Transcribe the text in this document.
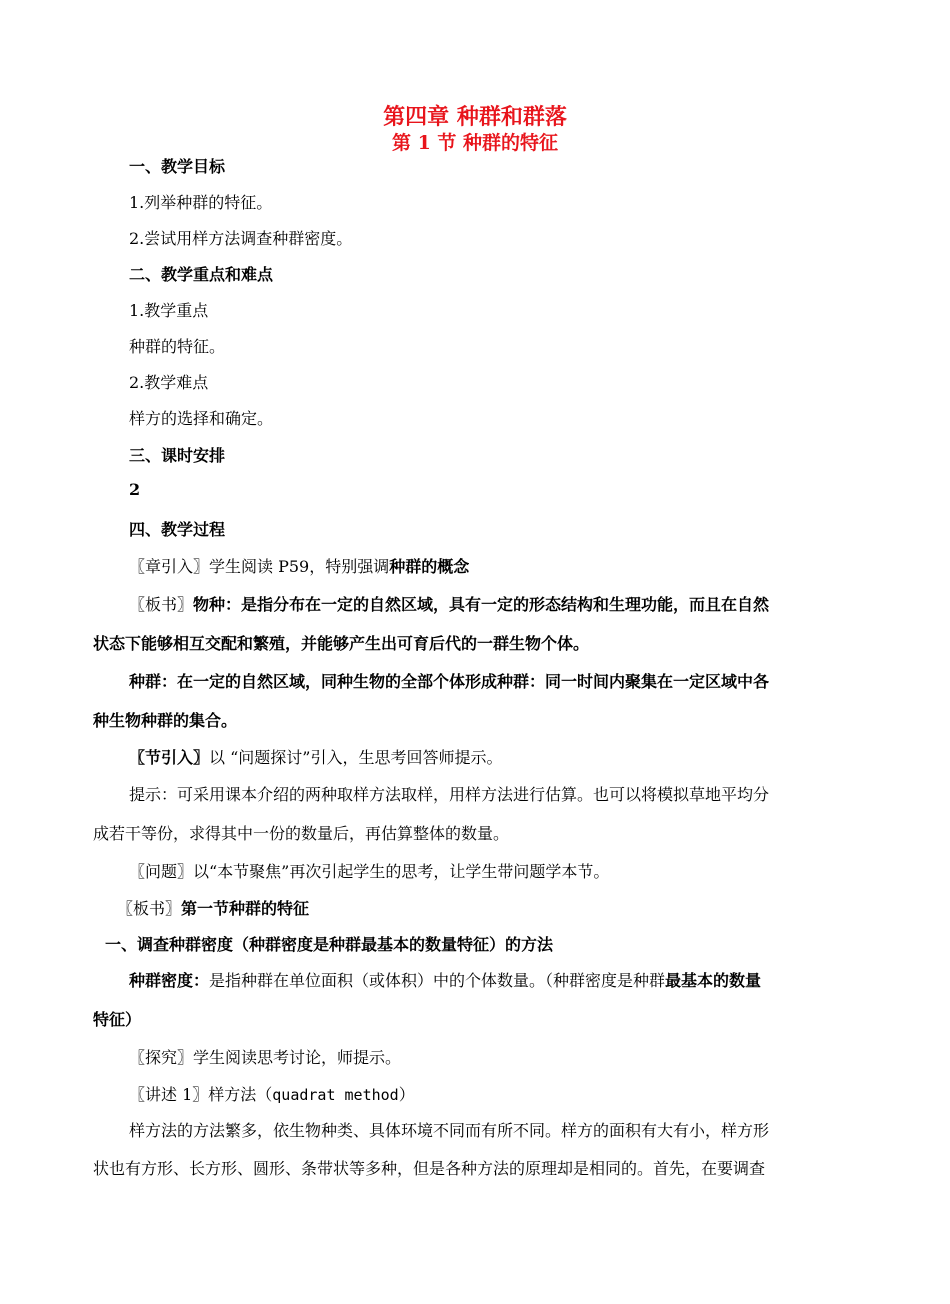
第四章 种群和群落
第 1 节 种群的特征
一、教学目标
1.列举种群的特征。
2.尝试用样方法调查种群密度。
二、教学重点和难点
1.教学重点
种群的特征。
2.教学难点
样方的选择和确定。
三、课时安排
2
四、教学过程
〖章引入〗学生阅读 P59，特别强调种群的概念
〖板书〗物种：是指分布在一定的自然区域，具有一定的形态结构和生理功能，而且在自然
状态下能够相互交配和繁殖，并能够产生出可育后代的一群生物个体。
种群：在一定的自然区域，同种生物的全部个体形成种群：同一时间内聚集在一定区域中各
种生物种群的集合。
〖节引入〗以 “问题探讨”引入，生思考回答师提示。
提示：可采用课本介绍的两种取样方法取样，用样方法进行估算。也可以将模拟草地平均分
成若干等份，求得其中一份的数量后，再估算整体的数量。
〖问题〗以“本节聚焦”再次引起学生的思考，让学生带问题学本节。
〖板书〗第一节种群的特征
一、调查种群密度（种群密度是种群最基本的数量特征）的方法
种群密度：是指种群在单位面积（或体积）中的个体数量。（种群密度是种群最基本的数量
特征）
〖探究〗学生阅读思考讨论，师提示。
〖讲述 1〗样方法（quadrat method）
样方法的方法繁多，依生物种类、具体环境不同而有所不同。样方的面积有大有小，样方形
状也有方形、长方形、圆形、条带状等多种，但是各种方法的原理却是相同的。首先，在要调查
